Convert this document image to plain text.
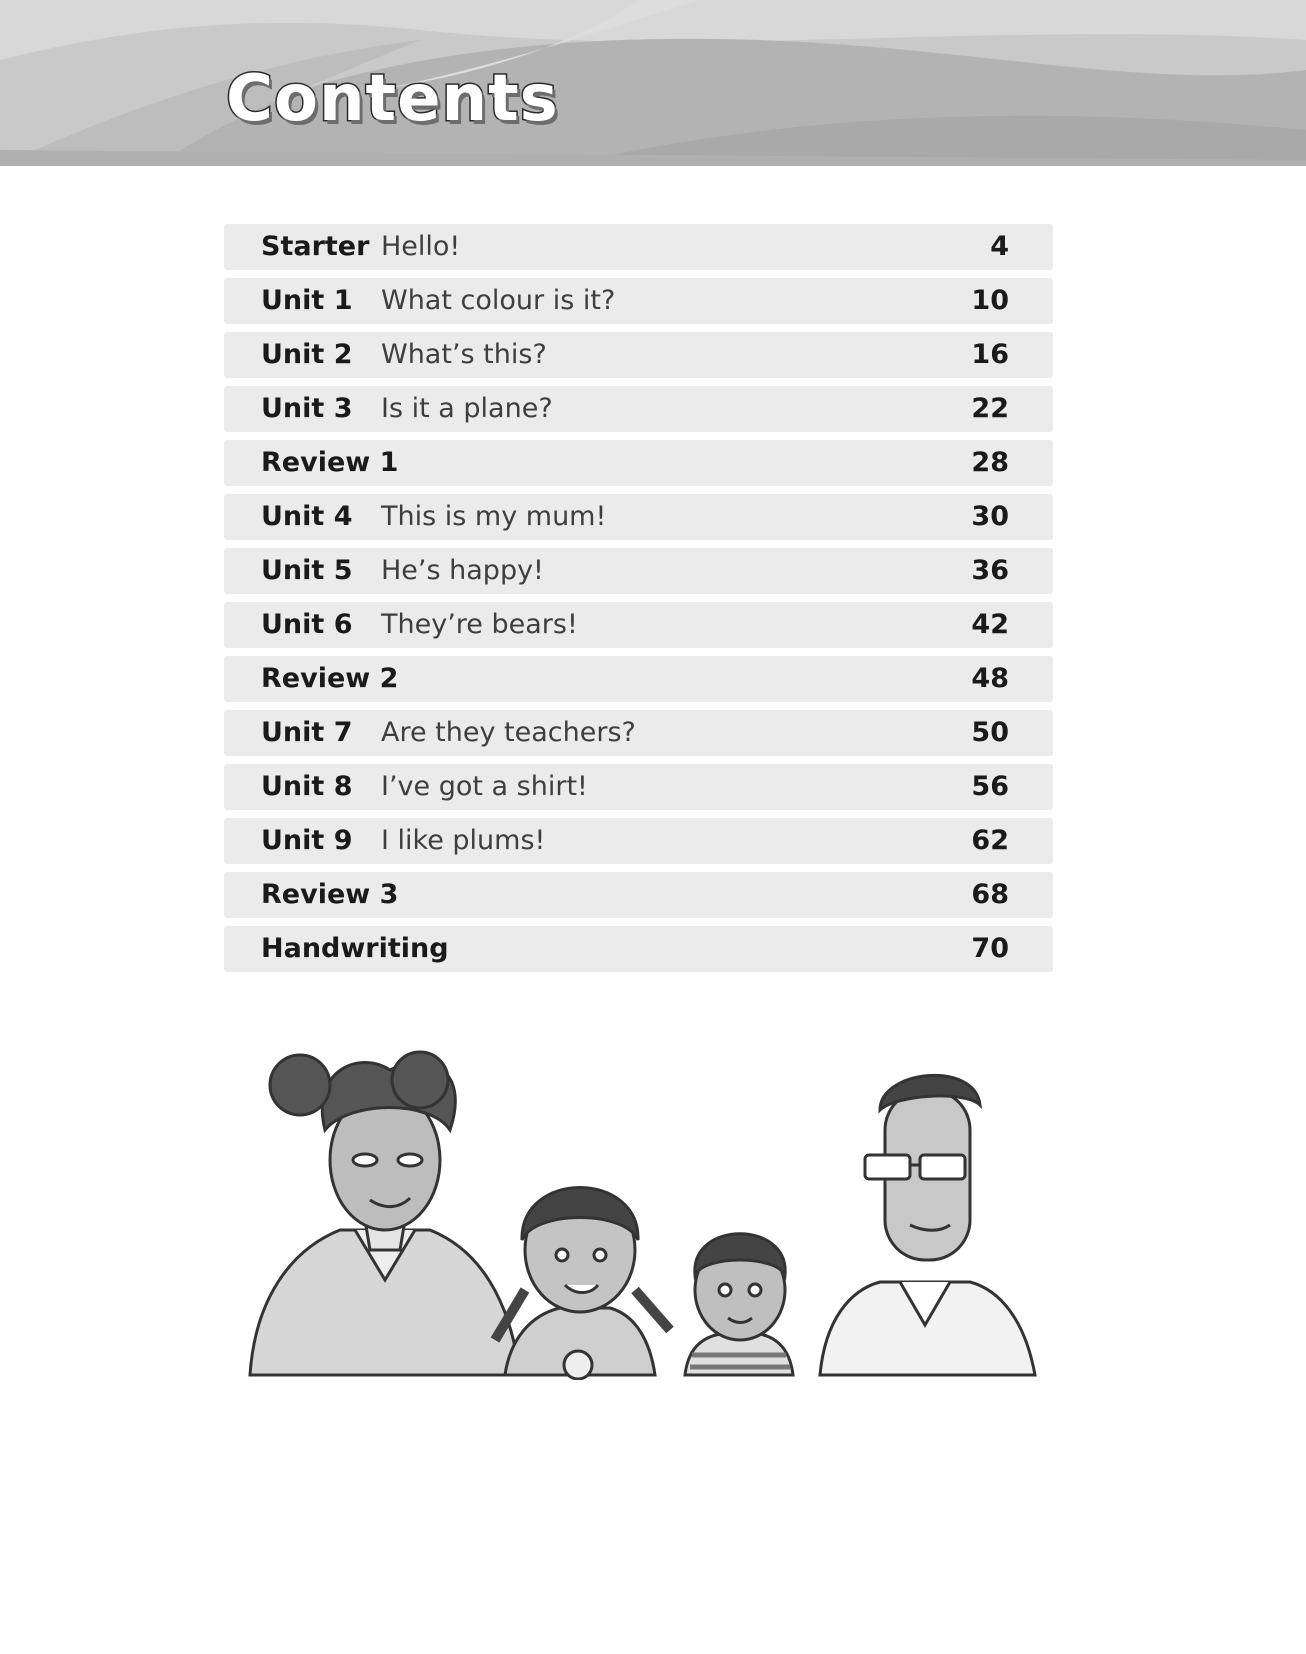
Contents
Starter Hello!	4
Unit 1 What colour is it?	10
Unit 2 What’s this?	16
Unit 3 Is it a plane?	22
Review 1	28
Unit 4 This is my mum!	30
Unit 5 He’s happy!	36
Unit 6 They’re bears!	42
Review 2	48
Unit 7 Are they teachers?	50
Unit 8 I’ve got a shirt!	56
Unit 9 I like plums!	62
Review 3	68
Handwriting	70
